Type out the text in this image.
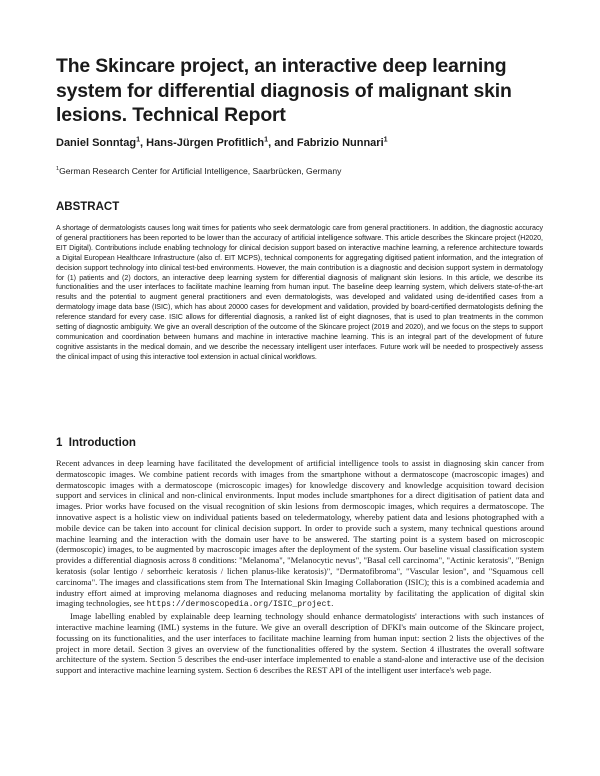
The Skincare project, an interactive deep learning system for differential diagnosis of malignant skin lesions. Technical Report
Daniel Sonntag$^1$, Hans-Jürgen Profitlich$^1$, and Fabrizio Nunnari$^1$
$^1$German Research Center for Artificial Intelligence, Saarbrücken, Germany
ABSTRACT

A shortage of dermatologists causes long wait times for patients who seek dermatologic care from general practitioners. In addition, the diagnostic accuracy of general practitioners has been reported to be lower than the accuracy of artificial intelligence software. This article describes the Skincare project (H2020, EIT Digital). Contributions include enabling technology for clinical decision support based on interactive machine learning, a reference architecture towards a Digital European Healthcare Infrastructure (also cf. EIT MCPS), technical components for aggregating digitised patient information, and the integration of decision support technology into clinical test-bed environments. However, the main contribution is a diagnostic and decision support system in dermatology for (1) patients and (2) doctors, an interactive deep learning system for differential diagnosis of malignant skin lesions. In this article, we describe its functionalities and the user interfaces to facilitate machine learning from human input. The baseline deep learning system, which delivers state-of-the-art results and the potential to augment general practitioners and even dermatologists, was developed and validated using de-identified cases from a dermatology image data base (ISIC), which has about 20000 cases for development and validation, provided by board-certified dermatologists defining the reference standard for every case. ISIC allows for differential diagnosis, a ranked list of eight diagnoses, that is used to plan treatments in the common setting of diagnostic ambiguity. We give an overall description of the outcome of the Skincare project (2019 and 2020), and we focus on the steps to support communication and coordination between humans and machine in interactive machine learning. This is an integral part of the development of future cognitive assistants in the medical domain, and we describe the necessary intelligent user interfaces. Future work will be needed to prospectively assess the clinical impact of using this interactive tool extension in actual clinical workflows.

1 Introduction

Recent advances in deep learning have facilitated the development of artificial intelligence tools to assist in diagnosing skin cancer from dermatoscopic images. We combine patient records with images from the smartphone without a dermatoscope (macroscopic images) and dermatoscopic images with a dermatoscope (microscopic images) for knowledge discovery and knowledge acquisition toward decision support and services in clinical and non-clinical environments. Input modes include smartphones for a direct digitisation of patient data and images. Prior works have focused on the visual recognition of skin lesions from dermoscopic images, which requires a dermatoscope. The innovative aspect is a holistic view on individual patients based on teledermatology, whereby patient data and lesions photographed with a mobile device can be taken into account for clinical decision support. In order to provide such a system, many technical questions around machine learning and the interaction with the domain user have to be answered. The starting point is a system based on microscopic (dermoscopic) images, to be augmented by macroscopic images after the deployment of the system. Our baseline visual classification system provides a differential diagnosis across 8 conditions: "Melanoma", "Melanocytic nevus", "Basal cell carcinoma", "Actinic keratosis", "Benign keratosis (solar lentigo / seborrheic keratosis / lichen planus-like keratosis)", "Dermatofibroma", "Vascular lesion", and "Squamous cell carcinoma". The images and classifications stem from The International Skin Imaging Collaboration (ISIC); this is a combined academia and industry effort aimed at improving melanoma diagnoses and reducing melanoma mortality by facilitating the application of digital skin imaging technologies, see https://dermoscopedia.org/ISIC_project.

Image labelling enabled by explainable deep learning technology should enhance dermatologists' interactions with such instances of interactive machine learning (IML) systems in the future. We give an overall description of DFKI's main outcome of the Skincare project, focussing on its functionalities, and the user interfaces to facilitate machine learning from human input: section 2 lists the objectives of the project in more detail. Section 3 gives an overview of the functionalities offered by the system. Section 4 illustrates the overall software architecture of the system. Section 5 describes the end-user interface implemented to enable a stand-alone and interactive use of the decision support and interactive machine learning system. Section 6 describes the REST API of the intelligent user interface's web page.
